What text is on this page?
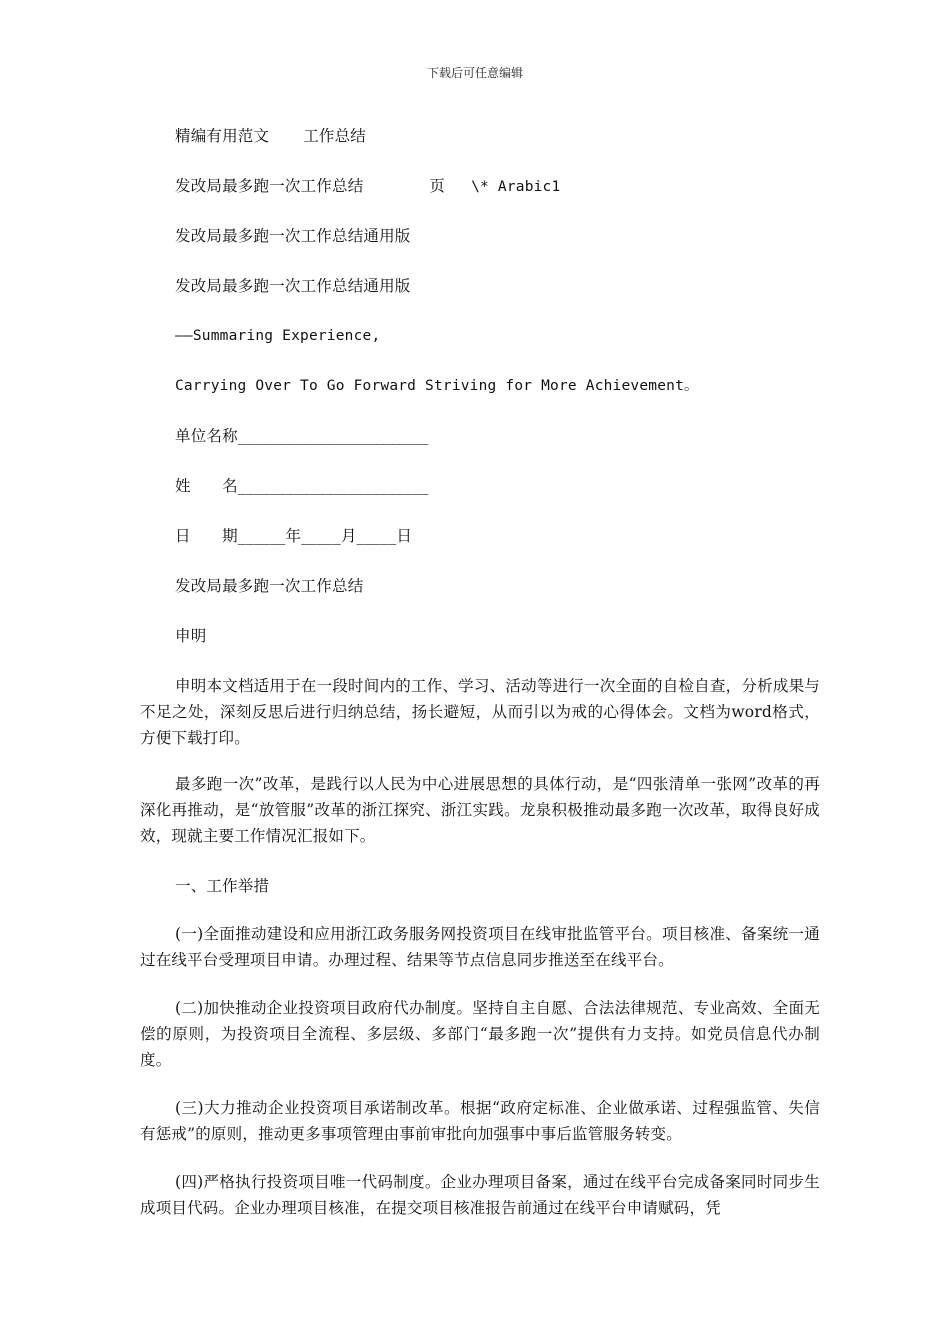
下载后可任意编辑
精编有用范文 工作总结
发改局最多跑一次工作总结	页 \* Arabic1
发改局最多跑一次工作总结通用版
发改局最多跑一次工作总结通用版
——Summaring Experience,
Carrying Over To Go Forward Striving for More Achievement。
单位名称________________________
姓　　名________________________
日　　期______年_____月_____日
发改局最多跑一次工作总结
申明
申明本文档适用于在一段时间内的工作、学习、活动等进行一次全面的自检自查，分析成果与不足之处，深刻反思后进行归纳总结，扬长避短，从而引以为戒的心得体会。文档为word格式，方便下载打印。
最多跑一次”改革，是践行以人民为中心进展思想的具体行动，是“四张清单一张网”改革的再深化再推动，是“放管服”改革的浙江探究、浙江实践。龙泉积极推动最多跑一次改革，取得良好成效，现就主要工作情况汇报如下。
一、工作举措
(一)全面推动建设和应用浙江政务服务网投资项目在线审批监管平台。项目核准、备案统一通过在线平台受理项目申请。办理过程、结果等节点信息同步推送至在线平台。
(二)加快推动企业投资项目政府代办制度。坚持自主自愿、合法法律规范、专业高效、全面无偿的原则，为投资项目全流程、多层级、多部门“最多跑一次”提供有力支持。如党员信息代办制度。
(三)大力推动企业投资项目承诺制改革。根据“政府定标准、企业做承诺、过程强监管、失信有惩戒”的原则，推动更多事项管理由事前审批向加强事中事后监管服务转变。
(四)严格执行投资项目唯一代码制度。企业办理项目备案，通过在线平台完成备案同时同步生成项目代码。企业办理项目核准，在提交项目核准报告前通过在线平台申请赋码，凭
